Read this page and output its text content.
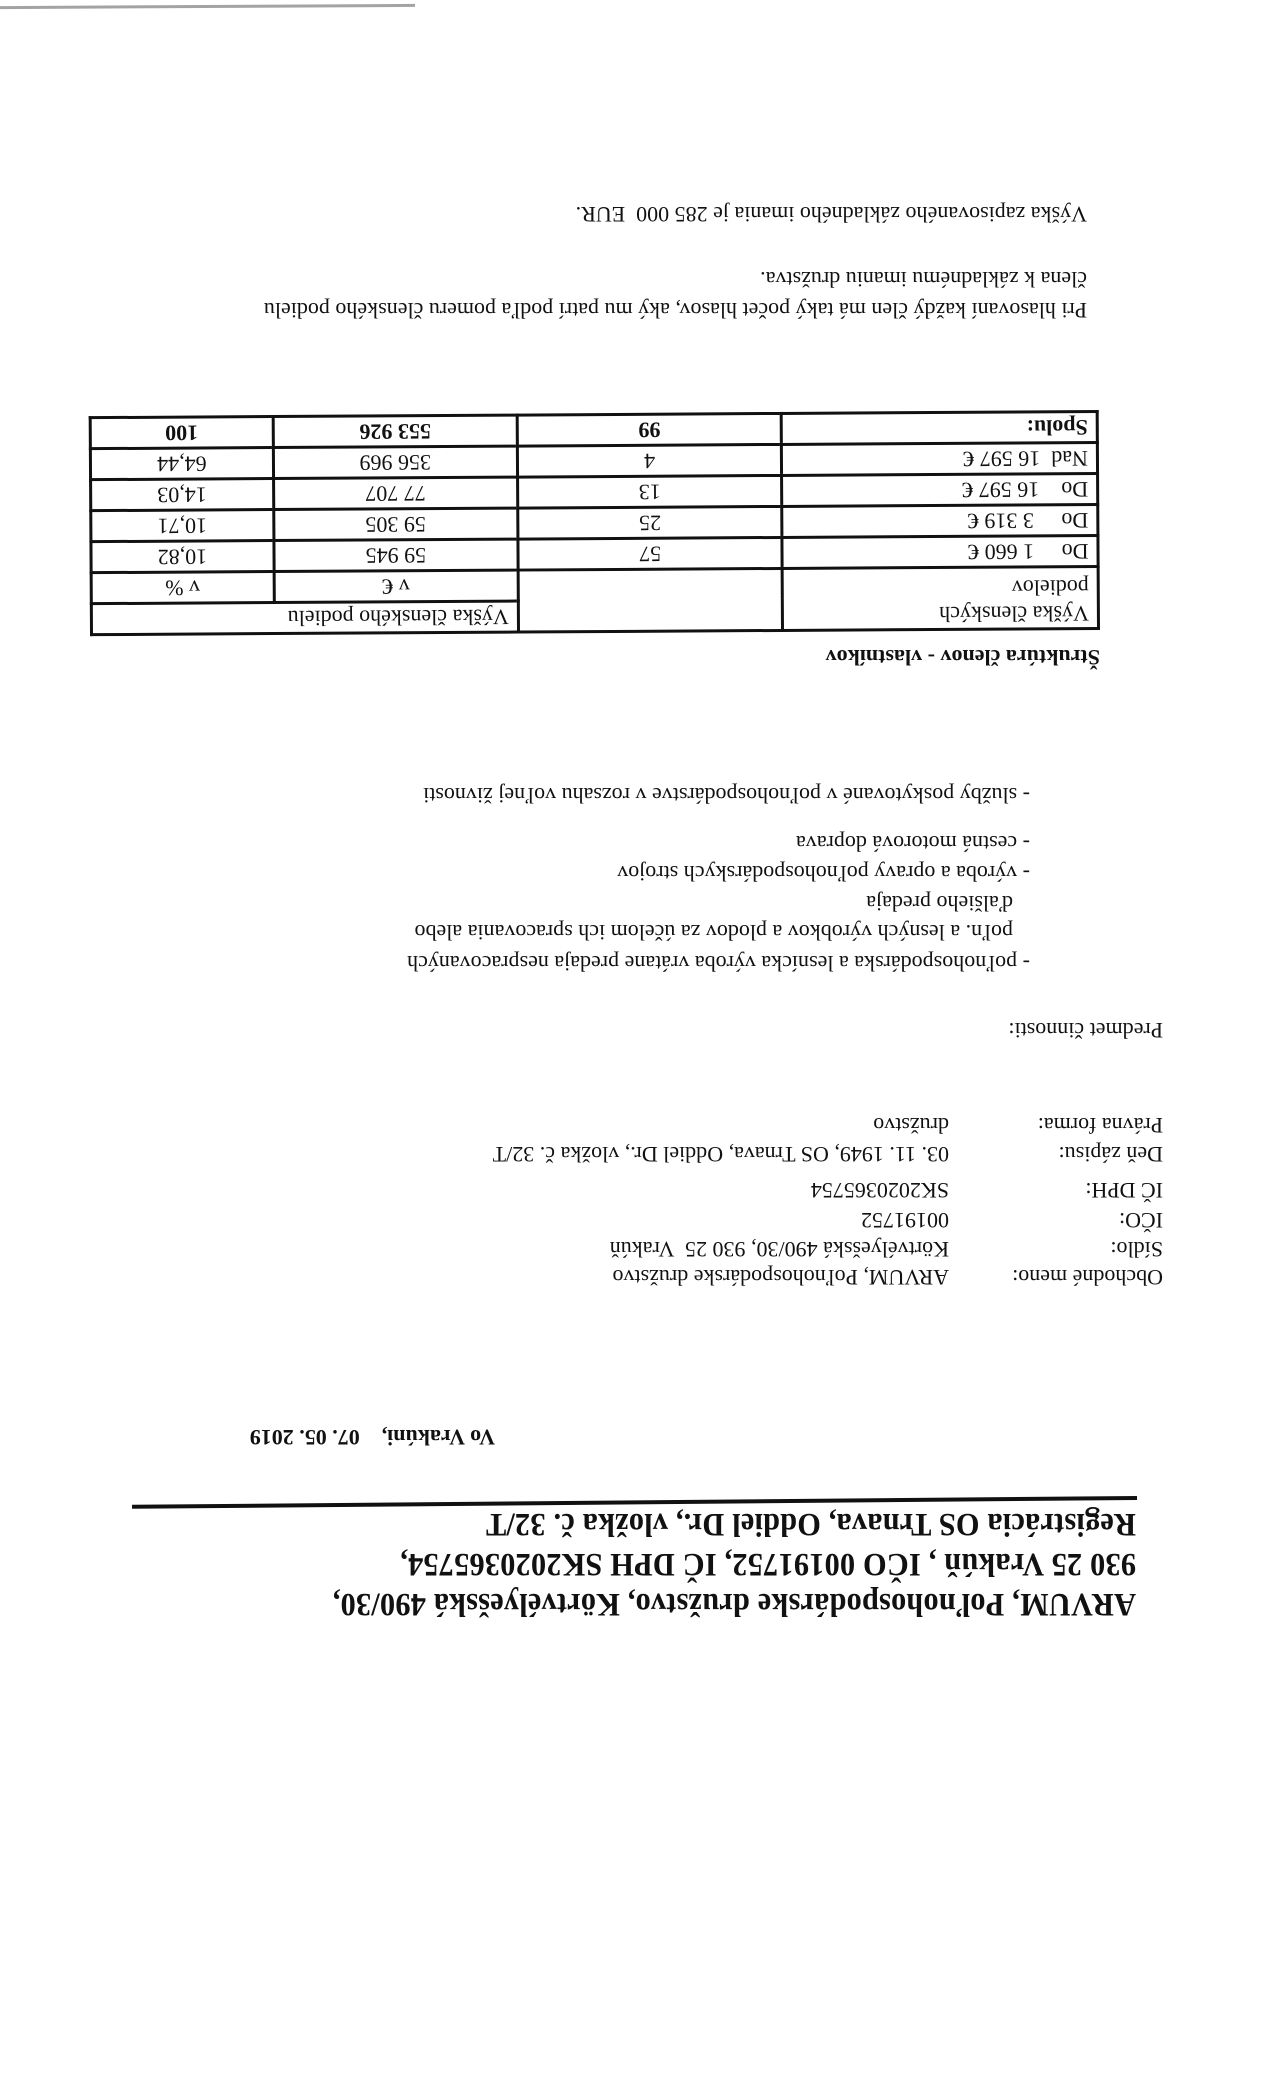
ARVUM, Poľnohospodárske družstvo, Körtvélyešská 490/30,
930 25 Vrakúň , IČO 00191752, IČ DPH SK2020365754,
Registrácia OS Trnava, Oddiel Dr., vložka č. 32/T
Vo Vrakúni,    07. 05. 2019
Obchodné meno:
ARVUM, Poľnohospodárske družstvo
Sídlo:
Körtvélyešská 490/30, 930 25  Vrakúň
IČO:
00191752
IČ DPH:
SK2020365754
Deň zápisu:
03. 11. 1949, OS Trnava, Oddiel Dr., vložka č. 32/T
Právna forma:
družstvo
Predmet činnosti:
- poľnohospodárska a lesnícka výroba vrátane predaja nespracovaných
poľn. a lesných výrobkov a plodov za účelom ich spracovania alebo
ďalšieho predaja
- výroba a opravy poľnohospodárskych strojov
- cestná motorová doprava
- služby poskytované v poľnohospodárstve v rozsahu voľnej živnosti
Štruktúra členov - vlastníkov
Výška členských
podielov		Výška členského podielu	
		v €	v %
Do     1 660 €	57	59 945	10,82
Do     3 319 €	25	59 305	10,71
Do    16 597 €	13	77 707	14,03
Nad  16 597 €	4	356 969	64,44
Spolu:	99	553 926	100
Pri hlasovaní každý člen má taký počet hlasov, aký mu patrí podľa pomeru členského podielu
člena k základnému imaniu družstva.
Výška zapisovaného základného imania je 285 000  EUR.
